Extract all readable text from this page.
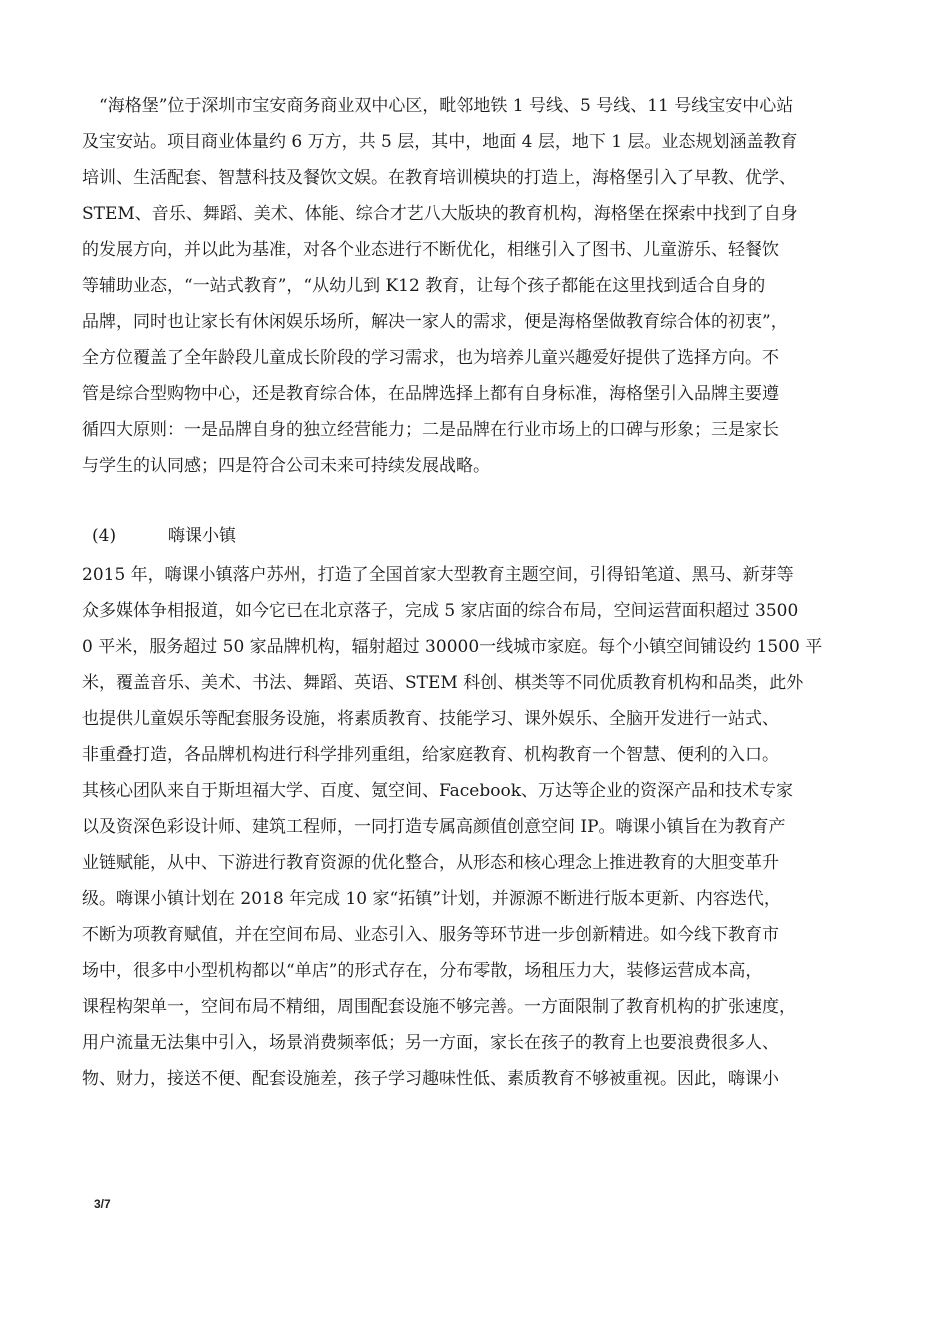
　“海格堡”位于深圳市宝安商务商业双中心区，毗邻地铁 1 号线、5 号线、11 号线宝安中心站
及宝安站。项目商业体量约 6 万方，共 5 层，其中，地面 4 层，地下 1 层。业态规划涵盖教育
培训、生活配套、智慧科技及餐饮文娱。在教育培训模块的打造上，海格堡引入了早教、优学、
STEM、音乐、舞蹈、美术、体能、综合才艺八大版块的教育机构，海格堡在探索中找到了自身
的发展方向，并以此为基准，对各个业态进行不断优化，相继引入了图书、儿童游乐、轻餐饮
等辅助业态，“一站式教育”，“从幼儿到 K12 教育，让每个孩子都能在这里找到适合自身的
品牌，同时也让家长有休闲娱乐场所，解决一家人的需求，便是海格堡做教育综合体的初衷”，
全方位覆盖了全年龄段儿童成长阶段的学习需求，也为培养儿童兴趣爱好提供了选择方向。不
管是综合型购物中心，还是教育综合体，在品牌选择上都有自身标准，海格堡引入品牌主要遵
循四大原则：一是品牌自身的独立经营能力；二是品牌在行业市场上的口碑与形象；三是家长
与学生的认同感；四是符合公司未来可持续发展战略。
(4)	嗨课小镇
2015 年，嗨课小镇落户苏州，打造了全国首家大型教育主题空间，引得铅笔道、黑马、新芽等
众多媒体争相报道，如今它已在北京落子，完成 5 家店面的综合布局，空间运营面积超过 3500
0 平米，服务超过 50 家品牌机构，辐射超过 30000一线城市家庭。每个小镇空间铺设约 1500 平
米，覆盖音乐、美术、书法、舞蹈、英语、STEM 科创、棋类等不同优质教育机构和品类，此外
也提供儿童娱乐等配套服务设施，将素质教育、技能学习、课外娱乐、全脑开发进行一站式、
非重叠打造，各品牌机构进行科学排列重组，给家庭教育、机构教育一个智慧、便利的入口。
其核心团队来自于斯坦福大学、百度、氪空间、Facebook、万达等企业的资深产品和技术专家
以及资深色彩设计师、建筑工程师，一同打造专属高颜值创意空间 IP。嗨课小镇旨在为教育产
业链赋能，从中、下游进行教育资源的优化整合，从形态和核心理念上推进教育的大胆变革升
级。嗨课小镇计划在 2018 年完成 10 家“拓镇”计划，并源源不断进行版本更新、内容迭代，
不断为项教育赋值，并在空间布局、业态引入、服务等环节进一步创新精进。如今线下教育市
场中，很多中小型机构都以“单店”的形式存在，分布零散，场租压力大，装修运营成本高，
课程构架单一，空间布局不精细，周围配套设施不够完善。一方面限制了教育机构的扩张速度，
用户流量无法集中引入，场景消费频率低；另一方面，家长在孩子的教育上也要浪费很多人、
物、财力，接送不便、配套设施差，孩子学习趣味性低、素质教育不够被重视。因此，嗨课小
3/7
